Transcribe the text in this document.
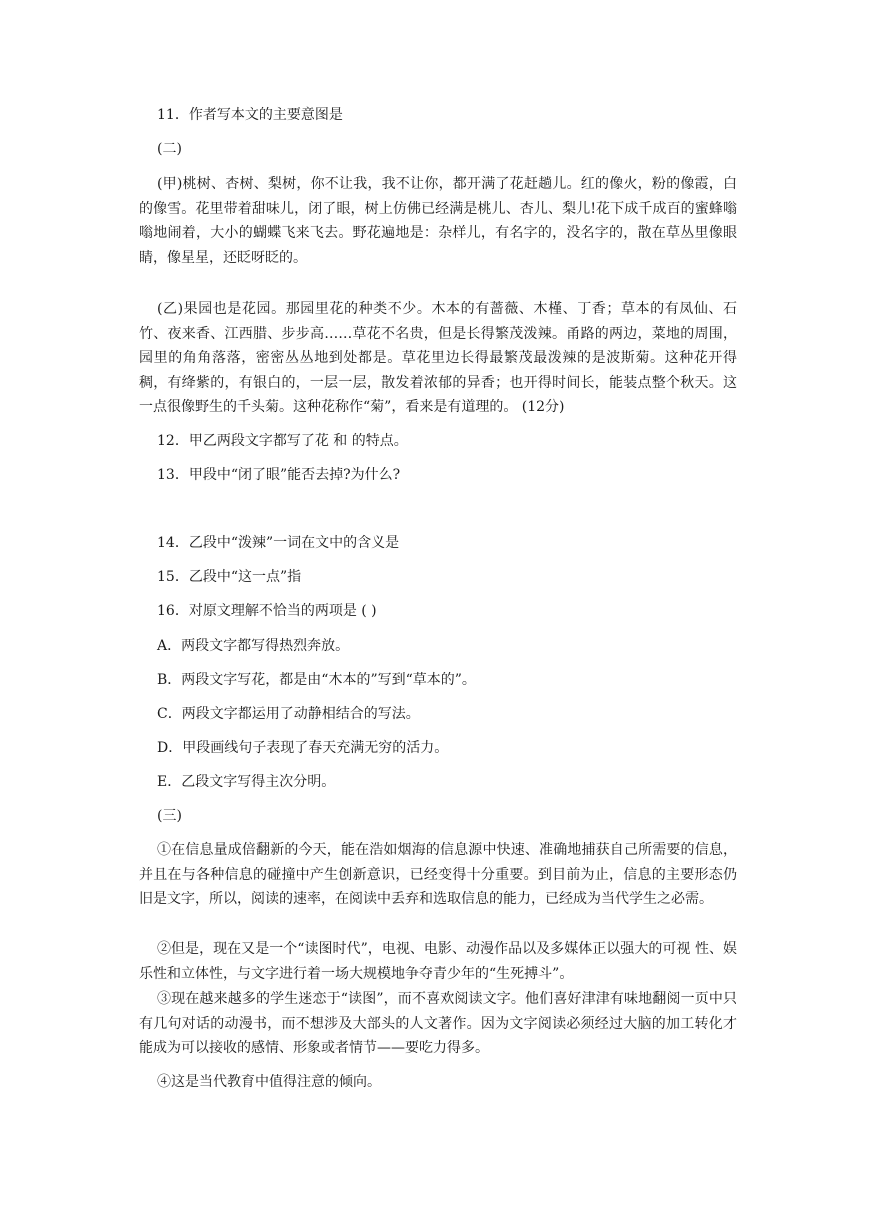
11．作者写本文的主要意图是
(二)
(甲)桃树、杏树、梨树，你不让我，我不让你，都开满了花赶趟儿。红的像火，粉的像霞，白的像雪。花里带着甜味儿，闭了眼，树上仿佛已经满是桃儿、杏儿、梨儿!花下成千成百的蜜蜂嗡嗡地闹着，大小的蝴蝶飞来飞去。野花遍地是：杂样儿，有名字的，没名字的，散在草丛里像眼睛，像星星，还眨呀眨的。
(乙)果园也是花园。那园里花的种类不少。木本的有蔷薇、木槿、丁香；草本的有凤仙、石竹、夜来香、江西腊、步步高……草花不名贵，但是长得繁茂泼辣。甬路的两边，菜地的周围，园里的角角落落，密密丛丛地到处都是。草花里边长得最繁茂最泼辣的是波斯菊。这种花开得稠，有绛紫的，有银白的，一层一层，散发着浓郁的异香；也开得时间长，能装点整个秋天。这一点很像野生的千头菊。这种花称作“菊”，看来是有道理的。 (12分)
12．甲乙两段文字都写了花 和 的特点。
13．甲段中“闭了眼”能否去掉?为什么?
14．乙段中“泼辣”一词在文中的含义是
15．乙段中“这一点”指
16．对原文理解不恰当的两项是 ( )
A．两段文字都写得热烈奔放。
B．两段文字写花，都是由“木本的”写到“草本的”。
C．两段文字都运用了动静相结合的写法。
D．甲段画线句子表现了春天充满无穷的活力。
E．乙段文字写得主次分明。
(三)
①在信息量成倍翻新的今天，能在浩如烟海的信息源中快速、准确地捕获自己所需要的信息，并且在与各种信息的碰撞中产生创新意识，已经变得十分重要。到目前为止，信息的主要形态仍旧是文字，所以，阅读的速率，在阅读中丢弃和选取信息的能力，已经成为当代学生之必需。
②但是，现在又是一个“读图时代”，电视、电影、动漫作品以及多媒体正以强大的可视 性、娱乐性和立体性，与文字进行着一场大规模地争夺青少年的“生死搏斗”。
③现在越来越多的学生迷恋于“读图”，而不喜欢阅读文字。他们喜好津津有味地翻阅一页中只有几句对话的动漫书，而不想涉及大部头的人文著作。因为文字阅读必须经过大脑的加工转化才能成为可以接收的感情、形象或者情节——要吃力得多。
④这是当代教育中值得注意的倾向。
